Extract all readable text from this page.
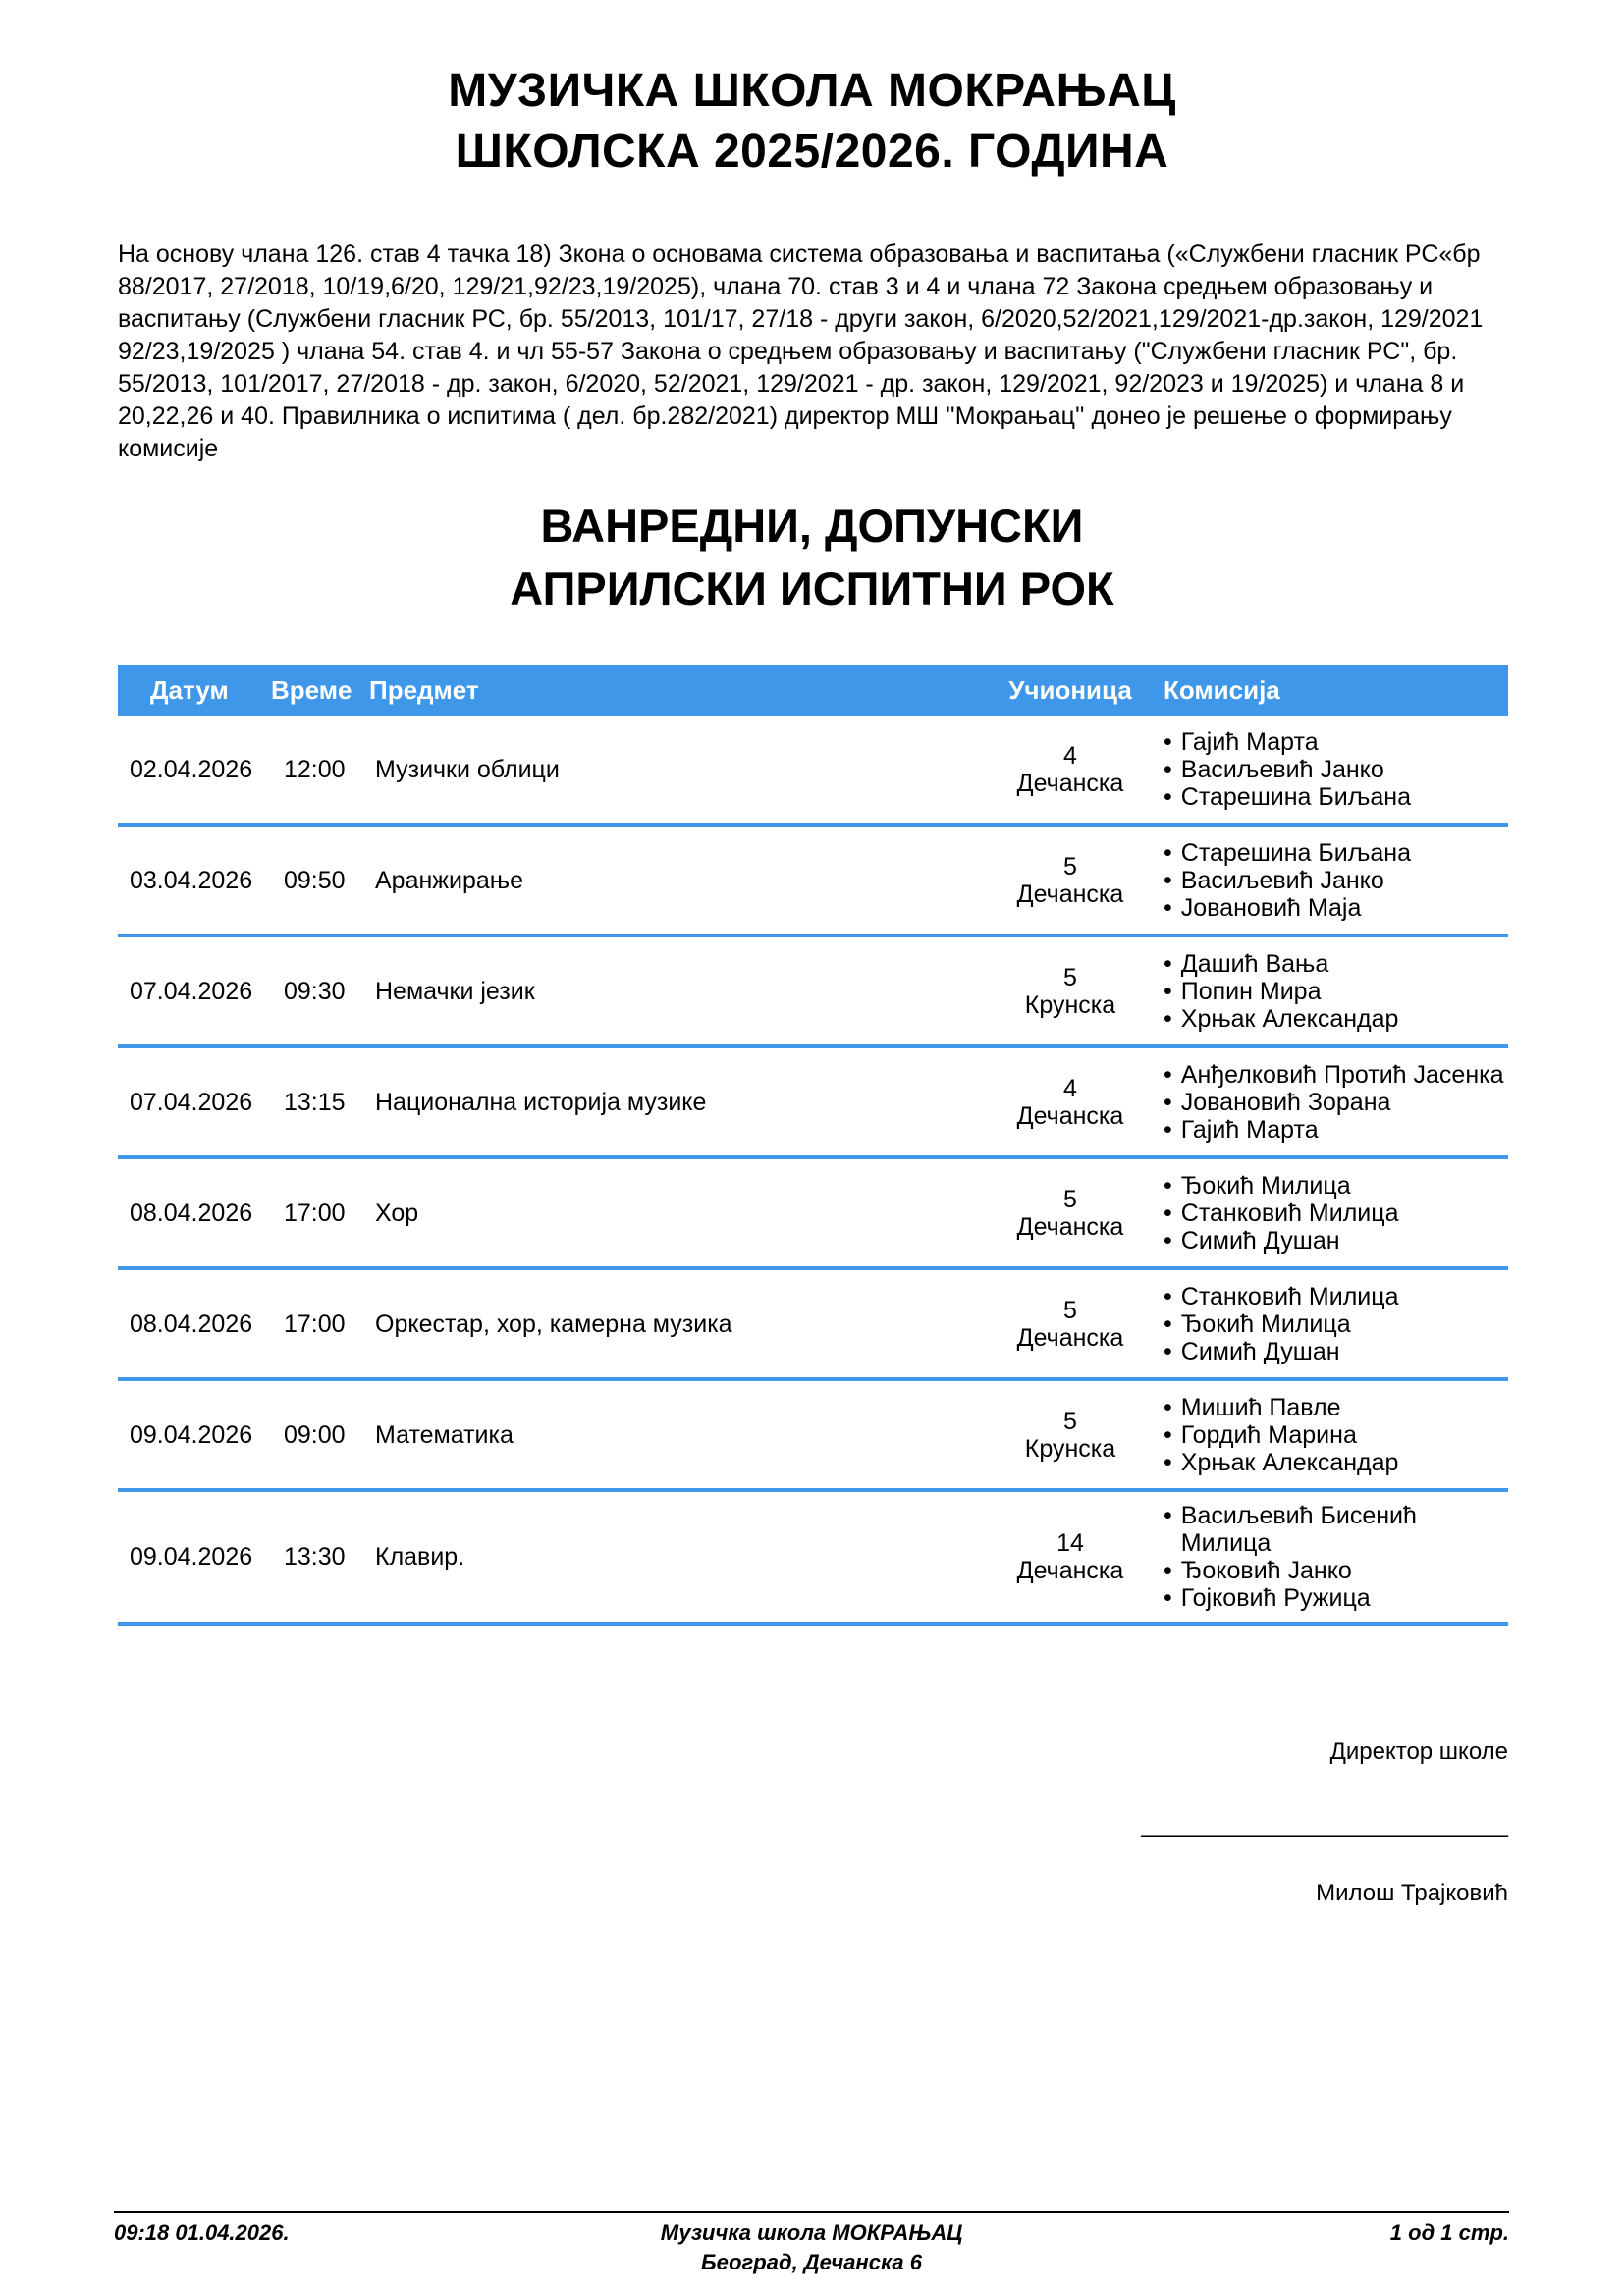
МУЗИЧКА ШКОЛА МОКРАЊАЦ
ШКОЛСКА 2025/2026. ГОДИНА
На основу члана 126. став 4 тачка 18) Зкона о основама система образовања и васпитања («Службени гласник РС«бр 88/2017, 27/2018, 10/19,6/20, 129/21,92/23,19/2025), члана 70. став 3 и 4 и члана 72 Закона средњем образовању и васпитању (Службени гласник РС, бр. 55/2013, 101/17, 27/18 - други закон, 6/2020,52/2021,129/2021-др.закон, 129/2021 92/23,19/2025 ) члана 54. став 4. и чл 55-57 Закона о средњем образовању и васпитању ("Службени гласник РС", бр. 55/2013, 101/2017, 27/2018 - др. закон, 6/2020, 52/2021, 129/2021 - др. закон, 129/2021, 92/2023 и 19/2025) и члана 8 и 20,22,26 и 40. Правилника о испитима ( дел. бр.282/2021) директор МШ ''Мокрањац'' донео је решење о формирању комисије
ВАНРЕДНИ, ДОПУНСКИ
АПРИЛСКИ ИСПИТНИ РОК
Датум	Време Предмет	Учионица	Комисија
02.04.2026	12:00	Музички облици	4
Дечанска
• Гајић Марта
• Васиљевић Јанко
• Старешина Биљана
03.04.2026	09:50	Аранжирање	5
Дечанска
• Старешина Биљана
• Васиљевић Јанко
• Јовановић Маја
07.04.2026	09:30	Немачки језик	5
Крунска
• Дашић Вања
• Попин Мира
• Хрњак Александар
07.04.2026	13:15	Национална историја музике	4
Дечанска
• Анђелковић Протић Јасенка
• Јовановић Зорана
• Гајић Марта
08.04.2026	17:00	Хор	5
Дечанска
• Ђокић Милица
• Станковић Милица
• Симић Душан
08.04.2026	17:00	Оркестар, хор, камерна музика	5
Дечанска
• Станковић Милица
• Ђокић Милица
• Симић Душан
09.04.2026	09:00	Математика	5
Крунска
• Мишић Павле
• Гордић Марина
• Хрњак Александар
09.04.2026	13:30	Клавир.	14
Дечанска
• Васиљевић Бисенић Милица
• Ђоковић Јанко
• Гојковић Ружица
Директор школе
____________________________
Милош Трајковић
09:18 01.04.2026.	Музичка школа МОКРАЊАЦ	1 од 1 стр.
Београд, Дечанска 6
